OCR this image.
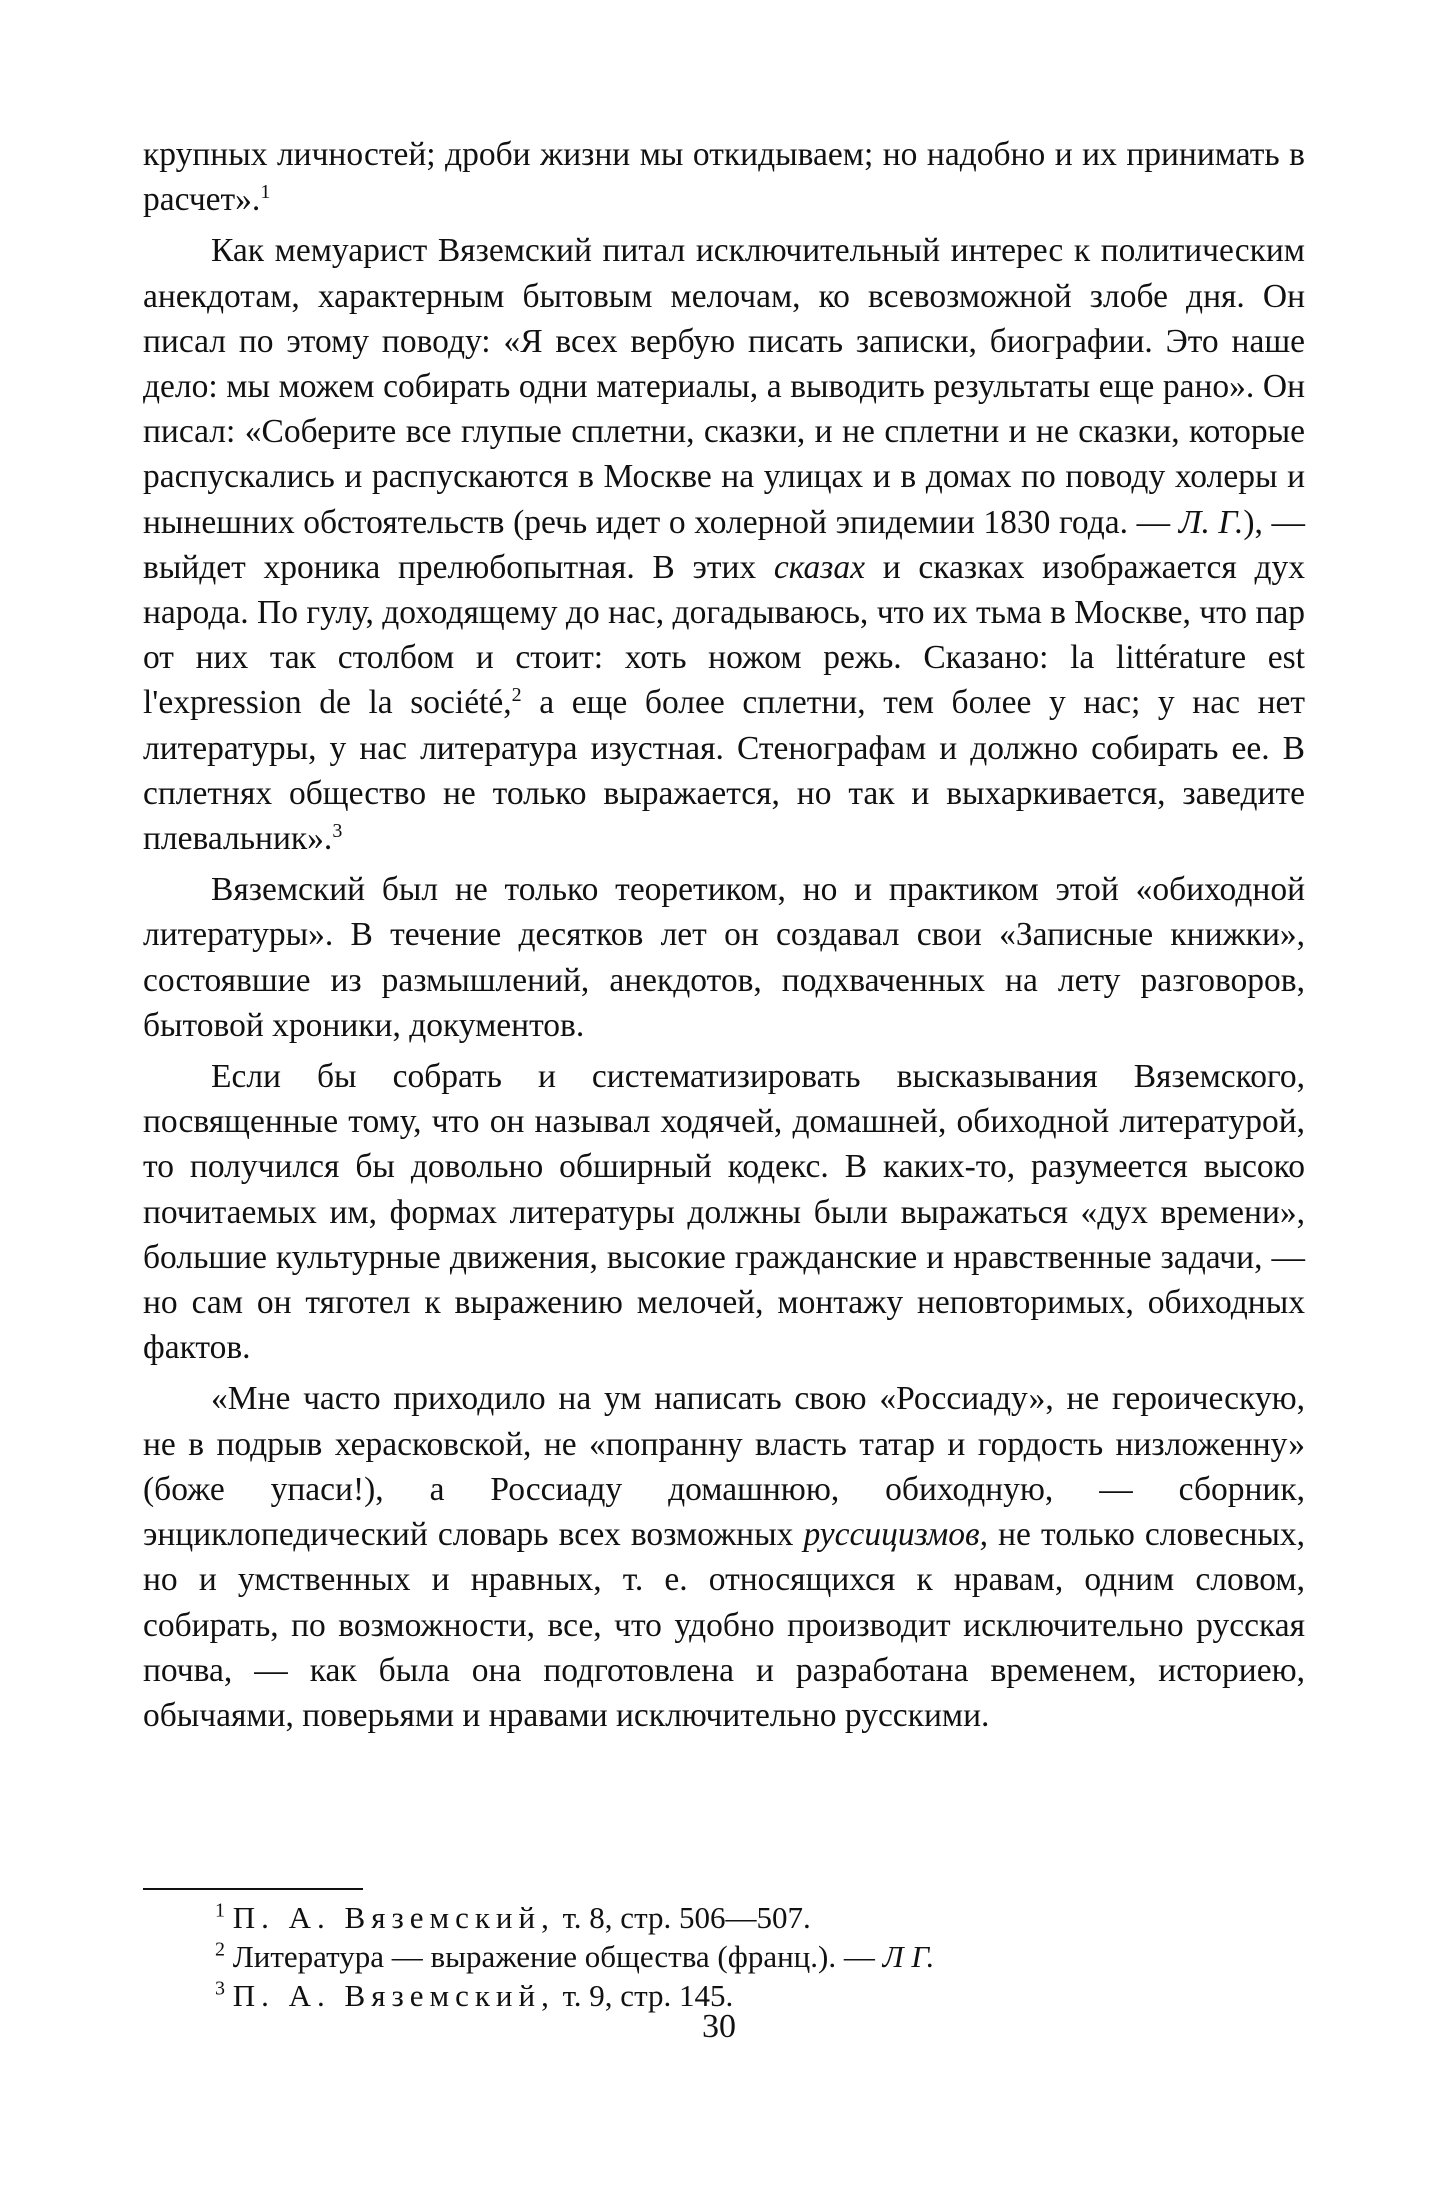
крупных личностей; дроби жизни мы откидываем; но надобно и их принимать в расчет».$^1$

Как мемуарист Вяземский питал исключительный интерес к политическим анекдотам, характерным бытовым мелочам, ко всевозможной злобе дня. Он писал по этому поводу: «Я всех вербую писать записки, биографии. Это наше дело: мы можем собирать одни материалы, а выводить результаты еще рано». Он писал: «Соберите все глупые сплетни, сказки, и не сплетни и не сказки, которые распускались и распускаются в Москве на улицах и в домах по поводу холеры и нынешних обстоятельств (речь идет о холерной эпидемии 1830 года. — Л. Г.), — выйдет хроника прелюбопытная. В этих сказах и сказках изображается дух народа. По гулу, доходящему до нас, догадываюсь, что их тьма в Москве, что пар от них так столбом и стоит: хоть ножом режь. Сказано: la littérature est l'expression de la société,$^2$ а еще более сплетни, тем более у нас; у нас нет литературы, у нас литература изустная. Стенографам и должно собирать ее. В сплетнях общество не только выражается, но так и выхаркивается, заведите плевальник».$^3$

Вяземский был не только теоретиком, но и практиком этой «обиходной литературы». В течение десятков лет он создавал свои «Записные книжки», состоявшие из размышлений, анекдотов, подхваченных на лету разговоров, бытовой хроники, документов.

Если бы собрать и систематизировать высказывания Вяземского, посвященные тому, что он называл ходячей, домашней, обиходной литературой, то получился бы довольно обширный кодекс. В каких-то, разумеется высоко почитаемых им, формах литературы должны были выражаться «дух времени», большие культурные движения, высокие гражданские и нравственные задачи, — но сам он тяготел к выражению мелочей, монтажу неповторимых, обиходных фактов.

«Мне часто приходило на ум написать свою «Россиаду», не героическую, не в подрыв херасковской, не «попранну власть татар и гордость низложенну» (боже упаси!), а Россиаду домашнюю, обиходную, — сборник, энциклопедический словарь всех возможных руссицизмов, не только словесных, но и умственных и нравных, т. е. относящихся к нравам, одним словом, собирать, по возможности, все, что удобно производит исключительно русская почва, — как была она подготовлена и разработана временем, историею, обычаями, поверьями и нравами исключительно русскими.

$^1$ П. А. Вяземский, т. 8, стр. 506—507.
$^2$ Литература — выражение общества (франц.). — Л Г.
$^3$ П. А. Вяземский, т. 9, стр. 145.
30
